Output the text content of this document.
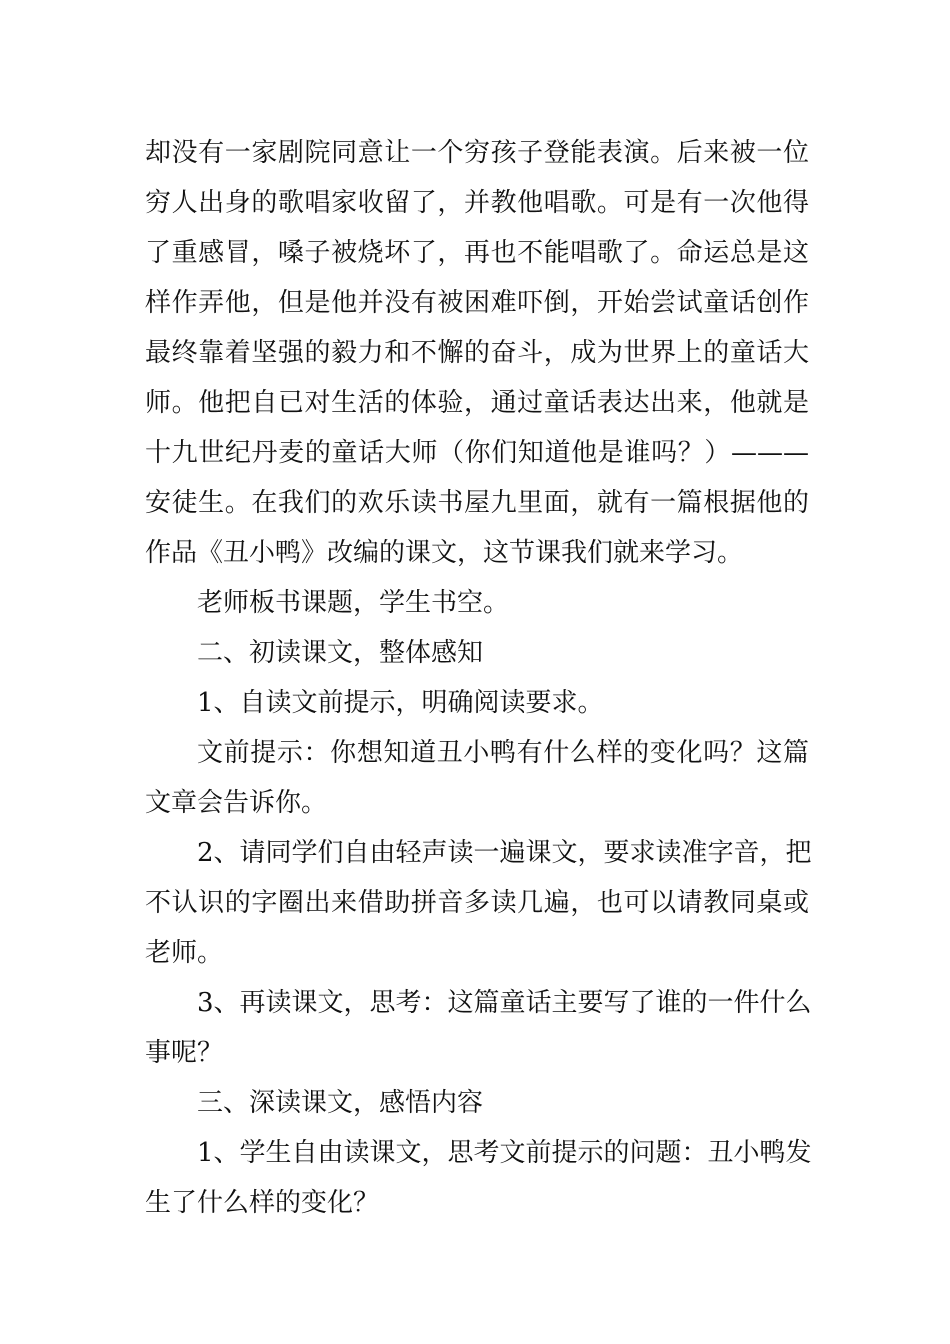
却没有一家剧院同意让一个穷孩子登能表演。后来被一位
穷人出身的歌唱家收留了，并教他唱歌。可是有一次他得
了重感冒，嗓子被烧坏了，再也不能唱歌了。命运总是这
样作弄他，但是他并没有被困难吓倒，开始尝试童话创作
最终靠着坚强的毅力和不懈的奋斗，成为世界上的童话大
师。他把自已对生活的体验，通过童话表达出来，他就是
十九世纪丹麦的童话大师（你们知道他是谁吗？）———
安徒生。在我们的欢乐读书屋九里面，就有一篇根据他的
作品《丑小鸭》改编的课文，这节课我们就来学习。
老师板书课题，学生书空。
二、初读课文，整体感知
1、自读文前提示，明确阅读要求。
文前提示：你想知道丑小鸭有什么样的变化吗？这篇
文章会告诉你。
2、请同学们自由轻声读一遍课文，要求读准字音，把
不认识的字圈出来借助拼音多读几遍，也可以请教同桌或
老师。
3、再读课文，思考：这篇童话主要写了谁的一件什么
事呢？
三、深读课文，感悟内容
1、学生自由读课文，思考文前提示的问题：丑小鸭发
生了什么样的变化？
